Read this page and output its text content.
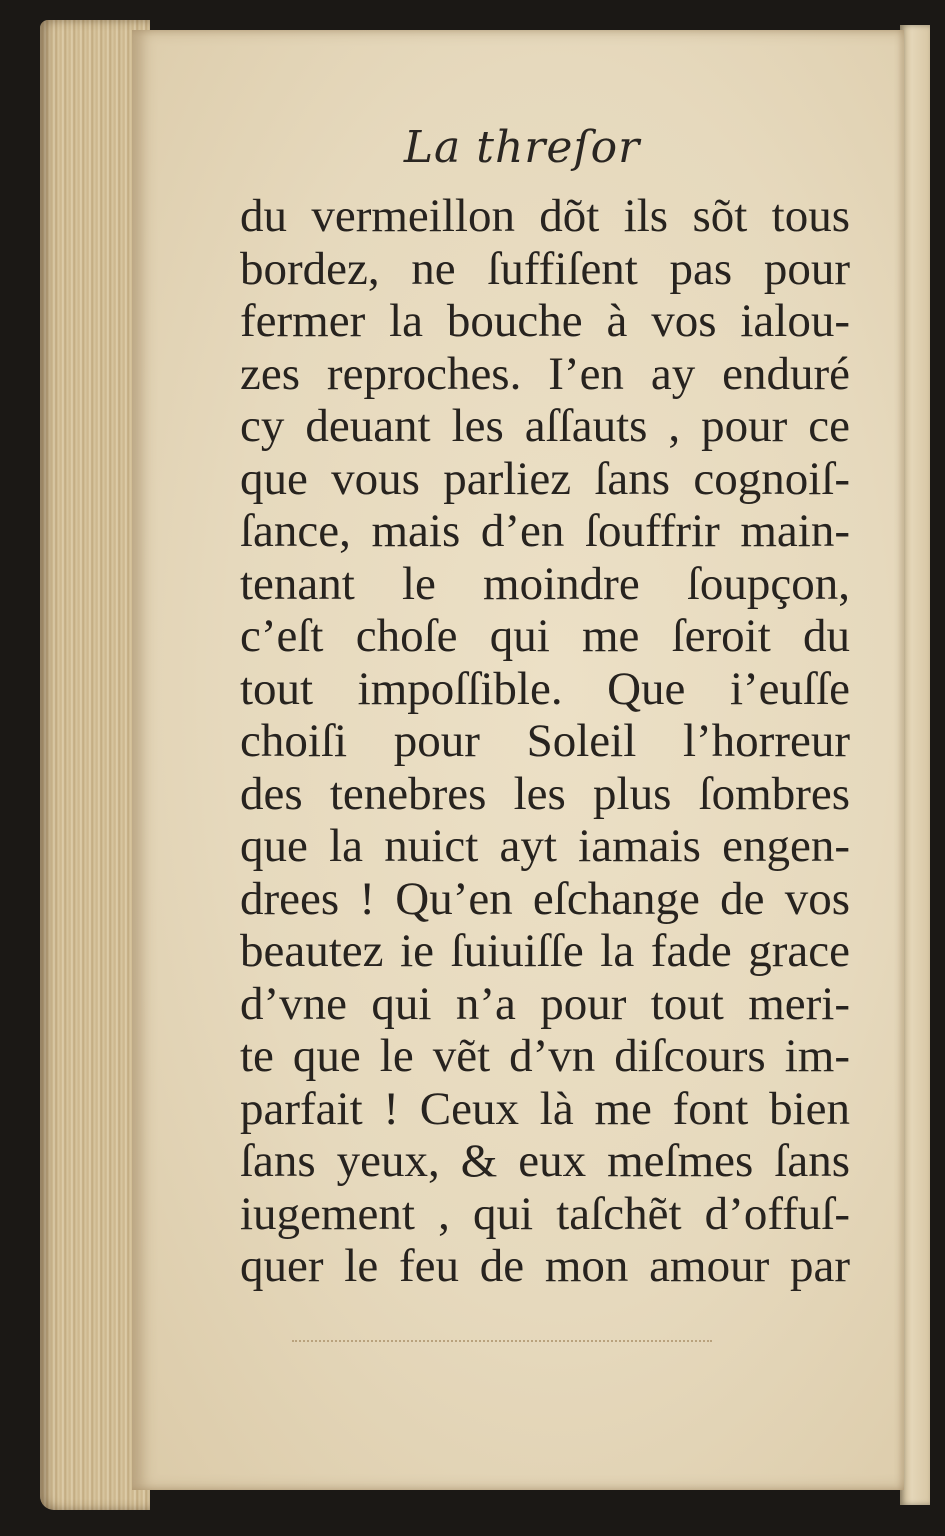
La threſor
du vermeillon dõt ils sõt tous
bordez, ne ſuffiſent pas pour
fermer la bouche à vos ialou-
zes reproches. I’en ay enduré
cy deuant les aſſauts , pour ce
que vous parliez ſans cognoiſ-
ſance, mais d’en ſouffrir main-
tenant le moindre ſoupçon,
c’eſt choſe qui me ſeroit du
tout impoſſible. Que i’euſſe
choiſi pour Soleil l’horreur
des tenebres les plus ſombres
que la nuict ayt iamais engen-
drees ! Qu’en eſchange de vos
beautez ie ſuiuiſſe la fade grace
d’vne qui n’a pour tout meri-
te que le vẽt d’vn diſcours im-
parfait ! Ceux là me font bien
ſans yeux, & eux meſmes ſans
iugement , qui taſchẽt d’offuſ-
quer le feu de mon amour par
